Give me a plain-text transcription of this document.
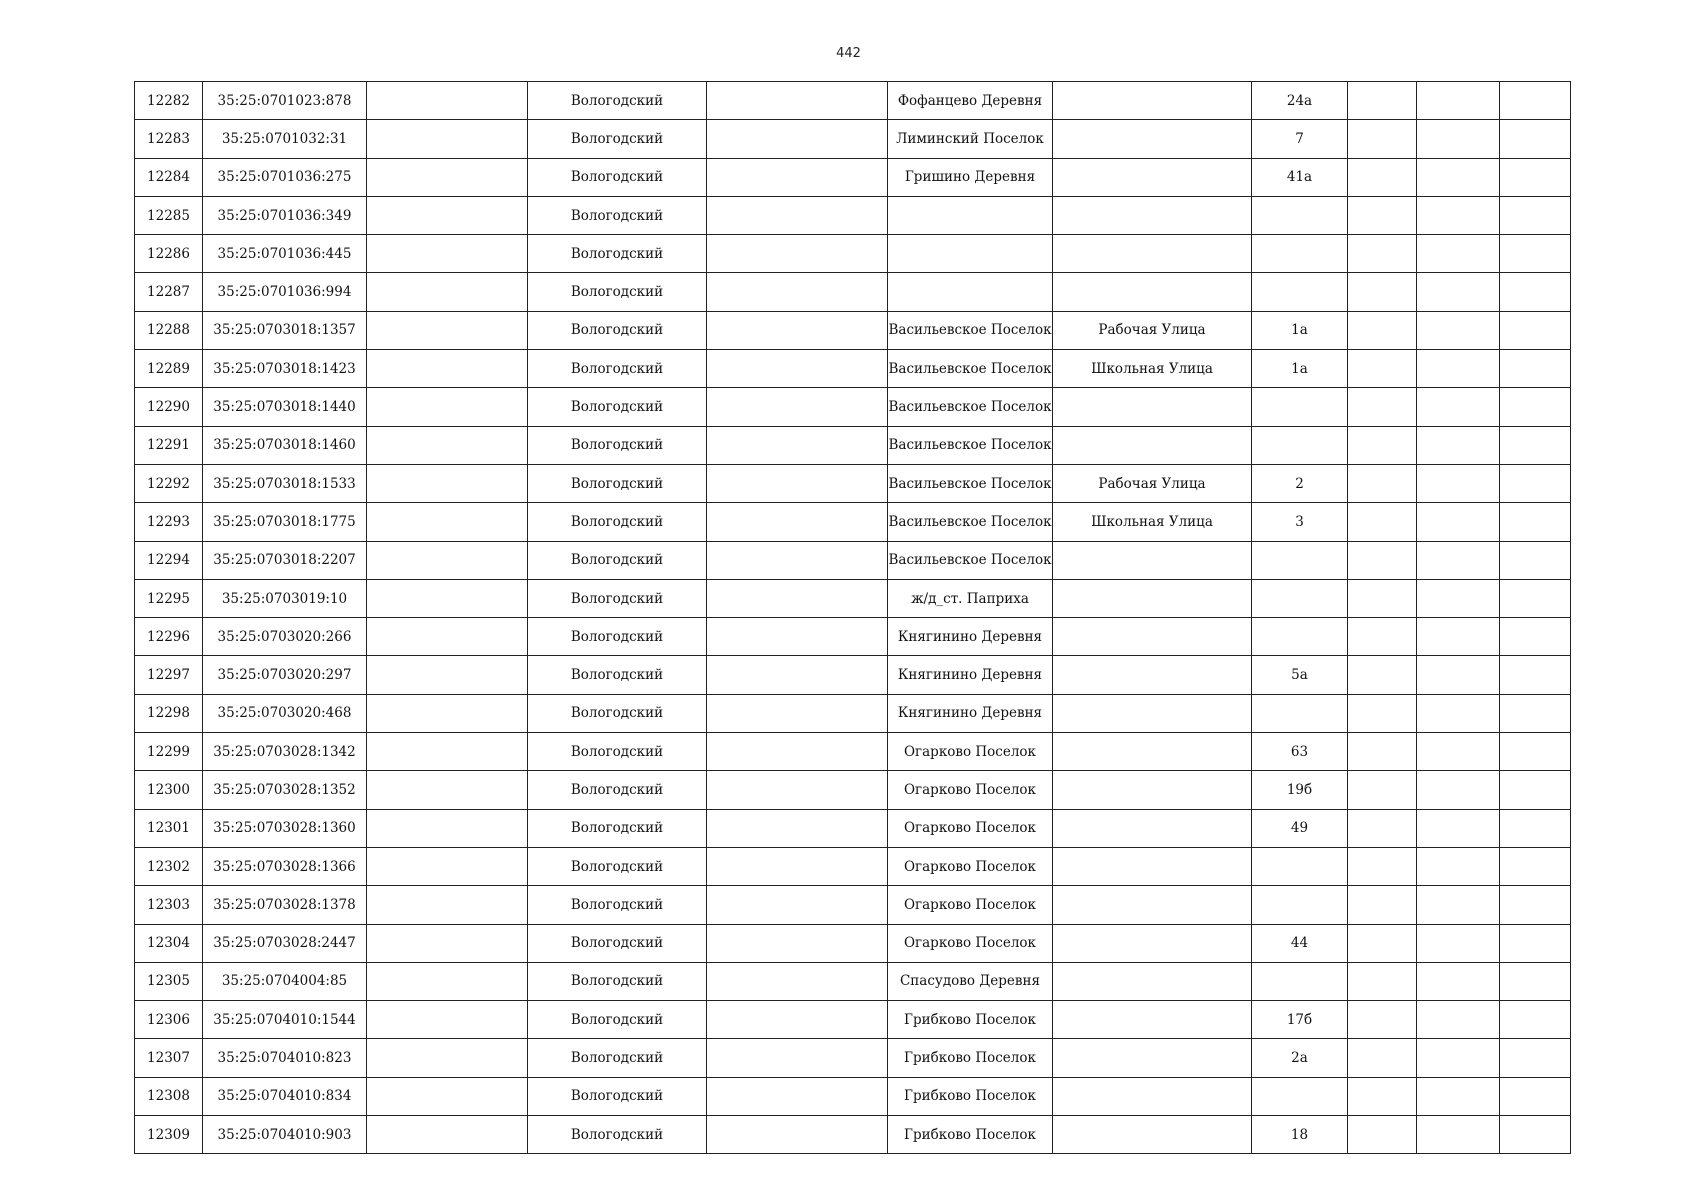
442
12282	35:25:0701023:878		Вологодский		Фофанцево Деревня		24а			
12283	35:25:0701032:31		Вологодский		Лиминский Поселок		7			
12284	35:25:0701036:275		Вологодский		Гришино Деревня		41а			
12285	35:25:0701036:349		Вологодский							
12286	35:25:0701036:445		Вологодский							
12287	35:25:0701036:994		Вологодский							
12288	35:25:0703018:1357		Вологодский		Васильевское Поселок	Рабочая Улица	1а			
12289	35:25:0703018:1423		Вологодский		Васильевское Поселок	Школьная Улица	1а			
12290	35:25:0703018:1440		Вологодский		Васильевское Поселок					
12291	35:25:0703018:1460		Вологодский		Васильевское Поселок					
12292	35:25:0703018:1533		Вологодский		Васильевское Поселок	Рабочая Улица	2			
12293	35:25:0703018:1775		Вологодский		Васильевское Поселок	Школьная Улица	3			
12294	35:25:0703018:2207		Вологодский		Васильевское Поселок					
12295	35:25:0703019:10		Вологодский		ж/д_ст. Паприха					
12296	35:25:0703020:266		Вологодский		Княгинино Деревня					
12297	35:25:0703020:297		Вологодский		Княгинино Деревня		5а			
12298	35:25:0703020:468		Вологодский		Княгинино Деревня					
12299	35:25:0703028:1342		Вологодский		Огарково Поселок		63			
12300	35:25:0703028:1352		Вологодский		Огарково Поселок		19б			
12301	35:25:0703028:1360		Вологодский		Огарково Поселок		49			
12302	35:25:0703028:1366		Вологодский		Огарково Поселок					
12303	35:25:0703028:1378		Вологодский		Огарково Поселок					
12304	35:25:0703028:2447		Вологодский		Огарково Поселок		44			
12305	35:25:0704004:85		Вологодский		Спасудово Деревня					
12306	35:25:0704010:1544		Вологодский		Грибково Поселок		17б			
12307	35:25:0704010:823		Вологодский		Грибково Поселок		2а			
12308	35:25:0704010:834		Вологодский		Грибково Поселок					
12309	35:25:0704010:903		Вологодский		Грибково Поселок		18			
